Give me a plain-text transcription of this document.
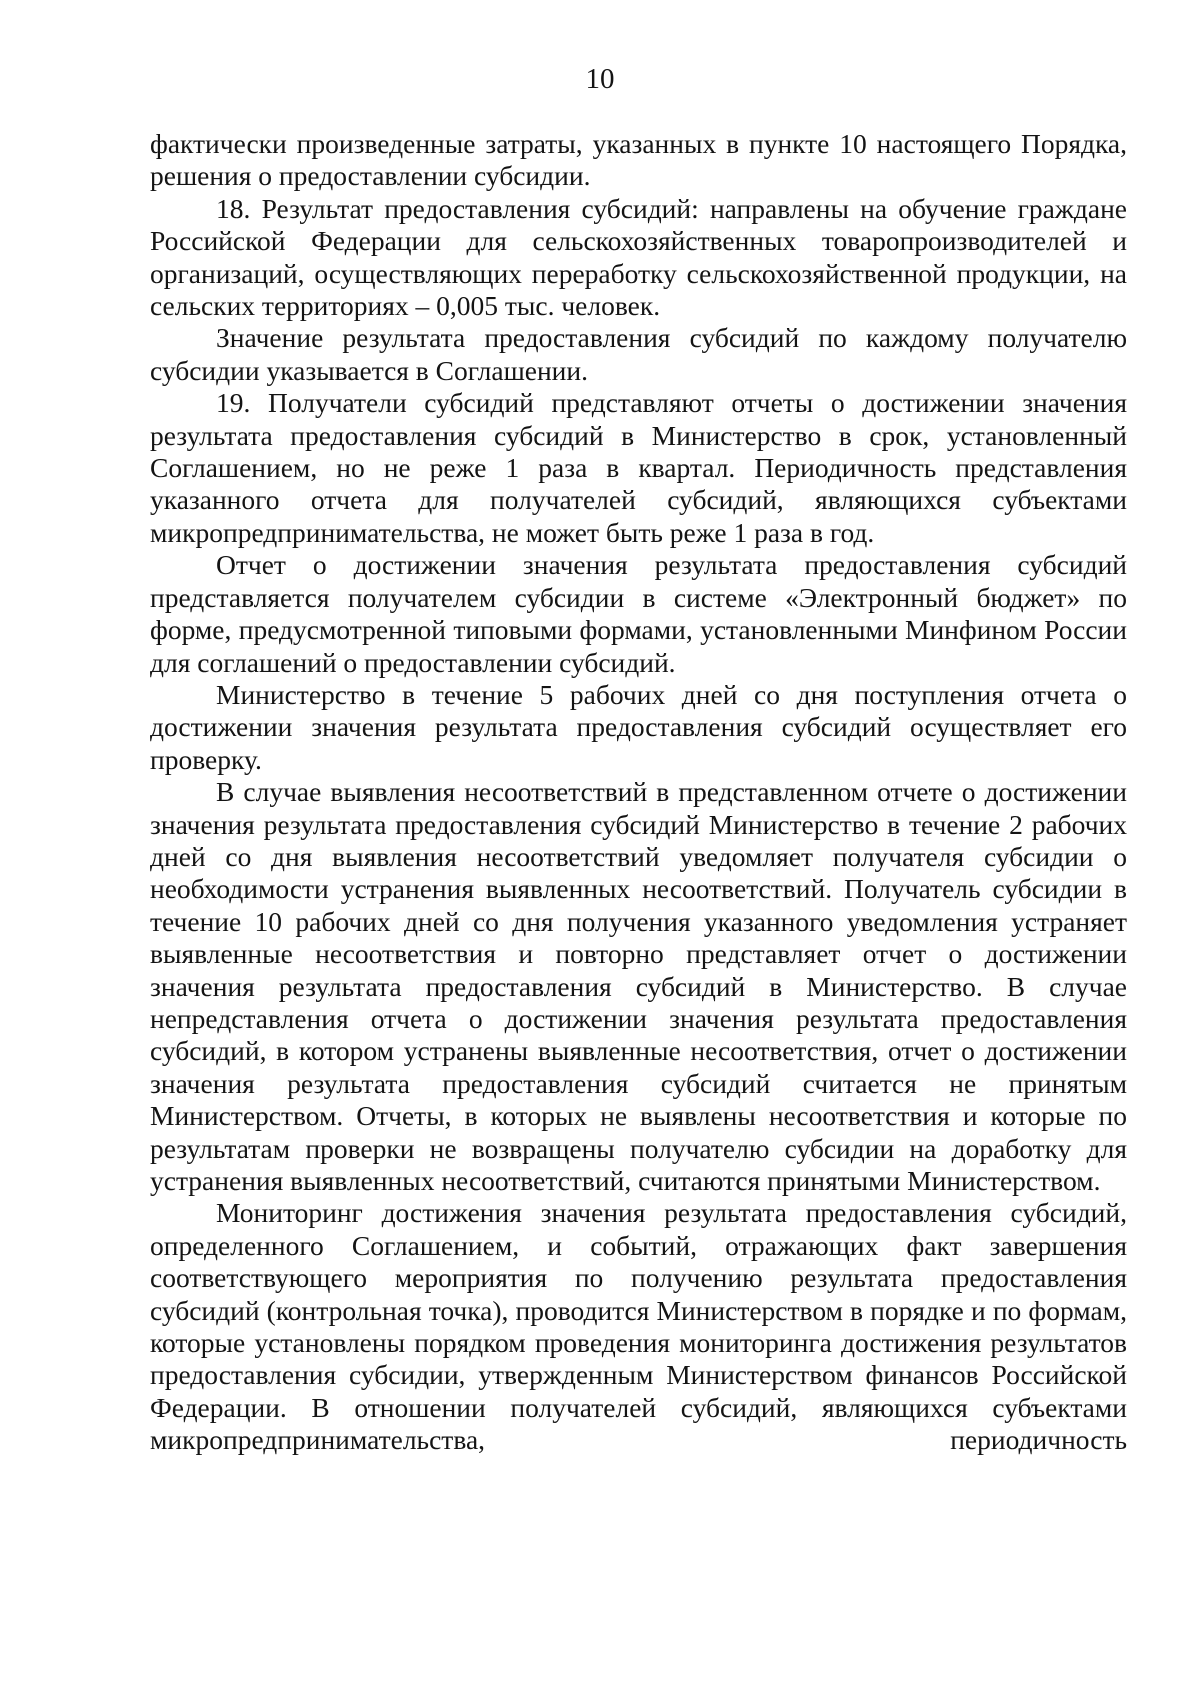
10

фактически произведенные затраты, указанных в пункте 10 настоящего Порядка, решения о предоставлении субсидии.

18. Результат предоставления субсидий: направлены на обучение граждане Российской Федерации для сельскохозяйственных товаропроизводителей и организаций, осуществляющих переработку сельскохозяйственной продукции, на сельских территориях – 0,005 тыс. человек.

Значение результата предоставления субсидий по каждому получателю субсидии указывается в Соглашении.

19. Получатели субсидий представляют отчеты о достижении значения результата предоставления субсидий в Министерство в срок, установленный Соглашением, но не реже 1 раза в квартал. Периодичность представления указанного отчета для получателей субсидий, являющихся субъектами микропредпринимательства, не может быть реже 1 раза в год.

Отчет о достижении значения результата предоставления субсидий представляется получателем субсидии в системе «Электронный бюджет» по форме, предусмотренной типовыми формами, установленными Минфином России для соглашений о предоставлении субсидий.

Министерство в течение 5 рабочих дней со дня поступления отчета о достижении значения результата предоставления субсидий осуществляет его проверку.

В случае выявления несоответствий в представленном отчете о достижении значения результата предоставления субсидий Министерство в течение 2 рабочих дней со дня выявления несоответствий уведомляет получателя субсидии о необходимости устранения выявленных несоответствий. Получатель субсидии в течение 10 рабочих дней со дня получения указанного уведомления устраняет выявленные несоответствия и повторно представляет отчет о достижении значения результата предоставления субсидий в Министерство. В случае непредставления отчета о достижении значения результата предоставления субсидий, в котором устранены выявленные несоответствия, отчет о достижении значения результата предоставления субсидий считается не принятым Министерством. Отчеты, в которых не выявлены несоответствия и которые по результатам проверки не возвращены получателю субсидии на доработку для устранения выявленных несоответствий, считаются принятыми Министерством.

Мониторинг достижения значения результата предоставления субсидий, определенного Соглашением, и событий, отражающих факт завершения соответствующего мероприятия по получению результата предоставления субсидий (контрольная точка), проводится Министерством в порядке и по формам, которые установлены порядком проведения мониторинга достижения результатов предоставления субсидии, утвержденным Министерством финансов Российской Федерации. В отношении получателей субсидий, являющихся субъектами микропредпринимательства, периодичность
